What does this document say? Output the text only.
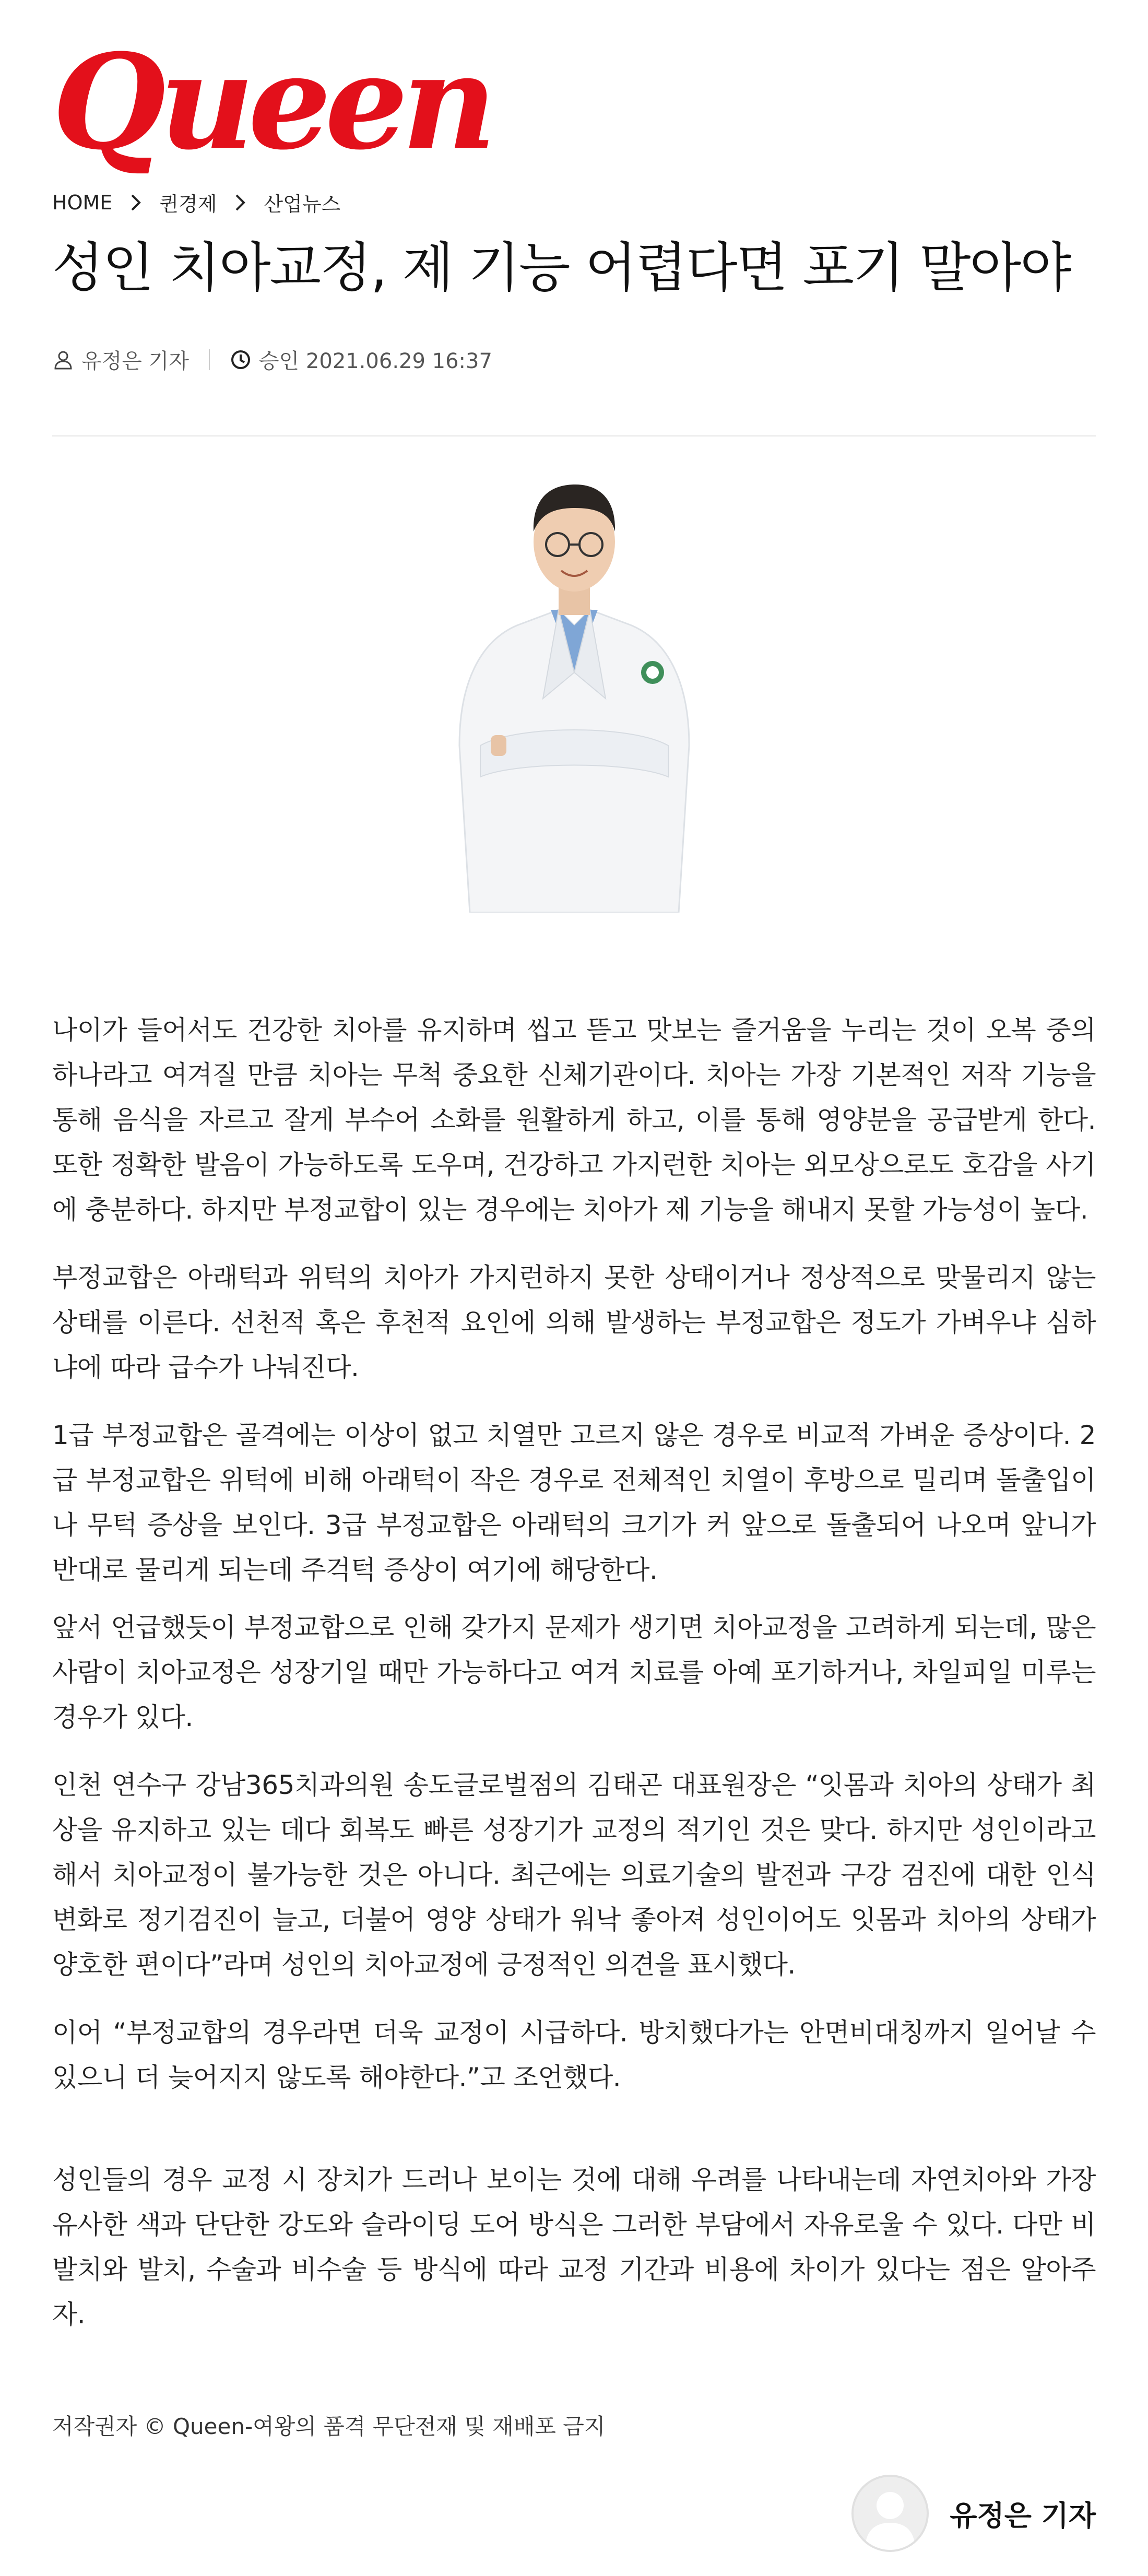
Queen
HOME 퀸경제 산업뉴스
성인 치아교정, 제 기능 어렵다면 포기 말아야
유정은 기자	승인 2021.06.29 16:37

나이가 들어서도 건강한 치아를 유지하며 씹고 뜯고 맛보는 즐거움을 누리는 것이 오복 중의 하나라고 여겨질 만큼 치아는 무척 중요한 신체기관이다. 치아는 가장 기본적인 저작 기능을 통해 음식을 자르고 잘게 부수어 소화를 원활하게 하고, 이를 통해 영양분을 공급받게 한다. 또한 정확한 발음이 가능하도록 도우며, 건강하고 가지런한 치아는 외모상으로도 호감을 사기에 충분하다. 하지만 부정교합이 있는 경우에는 치아가 제 기능을 해내지 못할 가능성이 높다.

부정교합은 아래턱과 위턱의 치아가 가지런하지 못한 상태이거나 정상적으로 맞물리지 않는 상태를 이른다. 선천적 혹은 후천적 요인에 의해 발생하는 부정교합은 정도가 가벼우냐 심하냐에 따라 급수가 나눠진다.

1급 부정교합은 골격에는 이상이 없고 치열만 고르지 않은 경우로 비교적 가벼운 증상이다. 2급 부정교합은 위턱에 비해 아래턱이 작은 경우로 전체적인 치열이 후방으로 밀리며 돌출입이나 무턱 증상을 보인다. 3급 부정교합은 아래턱의 크기가 커 앞으로 돌출되어 나오며 앞니가 반대로 물리게 되는데 주걱턱 증상이 여기에 해당한다.

앞서 언급했듯이 부정교합으로 인해 갖가지 문제가 생기면 치아교정을 고려하게 되는데, 많은 사람이 치아교정은 성장기일 때만 가능하다고 여겨 치료를 아예 포기하거나, 차일피일 미루는 경우가 있다.

인천 연수구 강남365치과의원 송도글로벌점의 김태곤 대표원장은 “잇몸과 치아의 상태가 최상을 유지하고 있는 데다 회복도 빠른 성장기가 교정의 적기인 것은 맞다. 하지만 성인이라고 해서 치아교정이 불가능한 것은 아니다. 최근에는 의료기술의 발전과 구강 검진에 대한 인식 변화로 정기검진이 늘고, 더불어 영양 상태가 워낙 좋아져 성인이어도 잇몸과 치아의 상태가 양호한 편이다”라며 성인의 치아교정에 긍정적인 의견을 표시했다.

이어 “부정교합의 경우라면 더욱 교정이 시급하다. 방치했다가는 안면비대칭까지 일어날 수 있으니 더 늦어지지 않도록 해야한다.”고 조언했다.

성인들의 경우 교정 시 장치가 드러나 보이는 것에 대해 우려를 나타내는데 자연치아와 가장 유사한 색과 단단한 강도와 슬라이딩 도어 방식은 그러한 부담에서 자유로울 수 있다. 다만 비발치와 발치, 수술과 비수술 등 방식에 따라 교정 기간과 비용에 차이가 있다는 점은 알아주자.

저작권자 © Queen-여왕의 품격 무단전재 및 재배포 금지
유정은 기자
